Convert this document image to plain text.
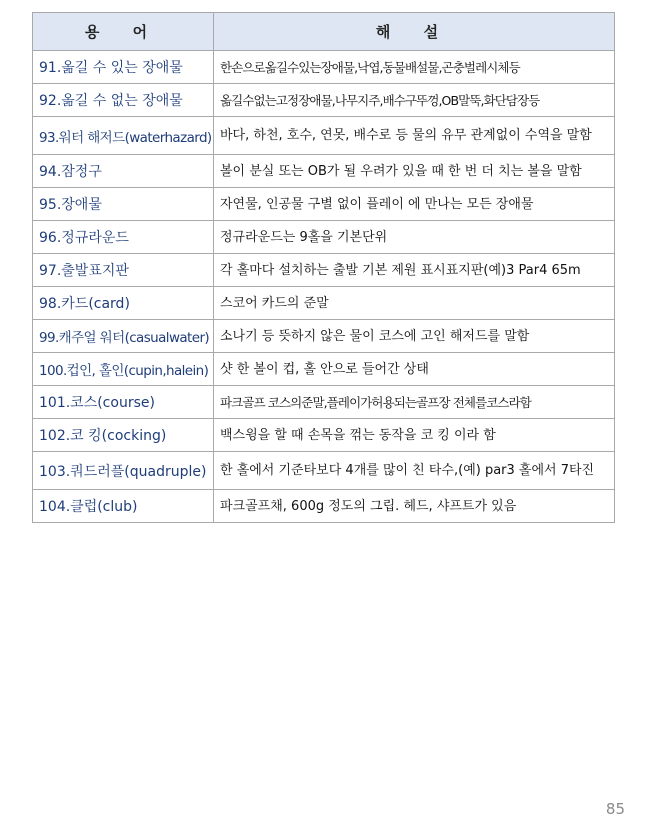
용 어	해 설
91.옮길 수 있는 장애물	한손으로옮길수있는장애물,낙엽,동물배설물,곤충벌레시체등
92.옮길 수 없는 장애물	옮길수없는고정장애물,나무지주,배수구뚜껑,OB말뚝,화단담장등
93.워터 해저드(waterhazard)	바다, 하천, 호수, 연못, 배수로 등 물의 유무 관계없이 수역을 말함
94.잠정구	볼이 분실 또는 OB가 될 우려가 있을 때 한 번 더 치는 볼을 말함
95.장애물	자연물, 인공물 구별 없이 플레이 에 만나는 모든 장애물
96.정규라운드	정규라운드는 9홀을 기본단위
97.출발표지판	각 홀마다 설치하는 출발 기본 제원 표시표지판(예)3 Par4 65m
98.카드(card)	스코어 카드의 준말
99.캐주얼 워터(casualwater)	소나기 등 뜻하지 않은 물이 코스에 고인 해저드를 말함
100.컵인, 홀인(cupin,halein)	샷 한 볼이 컵, 홀 안으로 들어간 상태
101.코스(course)	파크골프 코스의준말,플레이가허용되는골프장 전체를코스라함
102.코 킹(cocking)	백스윙을 할 때 손목을 꺾는 동작을 코 킹 이라 함
103.쿼드러플(quadruple)	한 홀에서 기준타보다 4개를 많이 친 타수,(예) par3 홀에서 7타진
104.클럽(club)	파크골프채, 600g 정도의 그립. 헤드, 샤프트가 있음
85
